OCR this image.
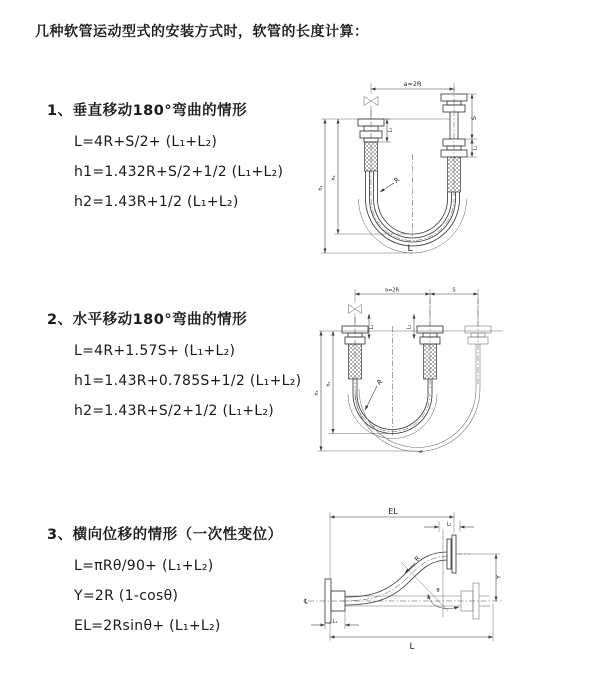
几种软管运动型式的安装方式时，软管的长度计算：
1、垂直移动180°弯曲的情形
L=4R+S/2+ (L₁+L₂)
h1=1.432R+S/2+1/2 (L₁+L₂)
h2=1.43R+1/2 (L₁+L₂)
2、水平移动180°弯曲的情形
L=4R+1.57S+ (L₁+L₂)
h1=1.43R+0.785S+1/2 (L₁+L₂)
h2=1.43R+S/2+1/2 (L₁+L₂)
3、横向位移的情形（一次性变位）
L=πRθ/90+ (L₁+L₂)
Y=2R (1-cosθ)
EL=2Rsinθ+ (L₁+L₂)
a=2R
S
L₂
L₁
h₁
h₂	R
L
a=2R	S
L₁	L₂
h₁
h₂	R
℄
EL
L₂
Y
θ
R
L₁
L
